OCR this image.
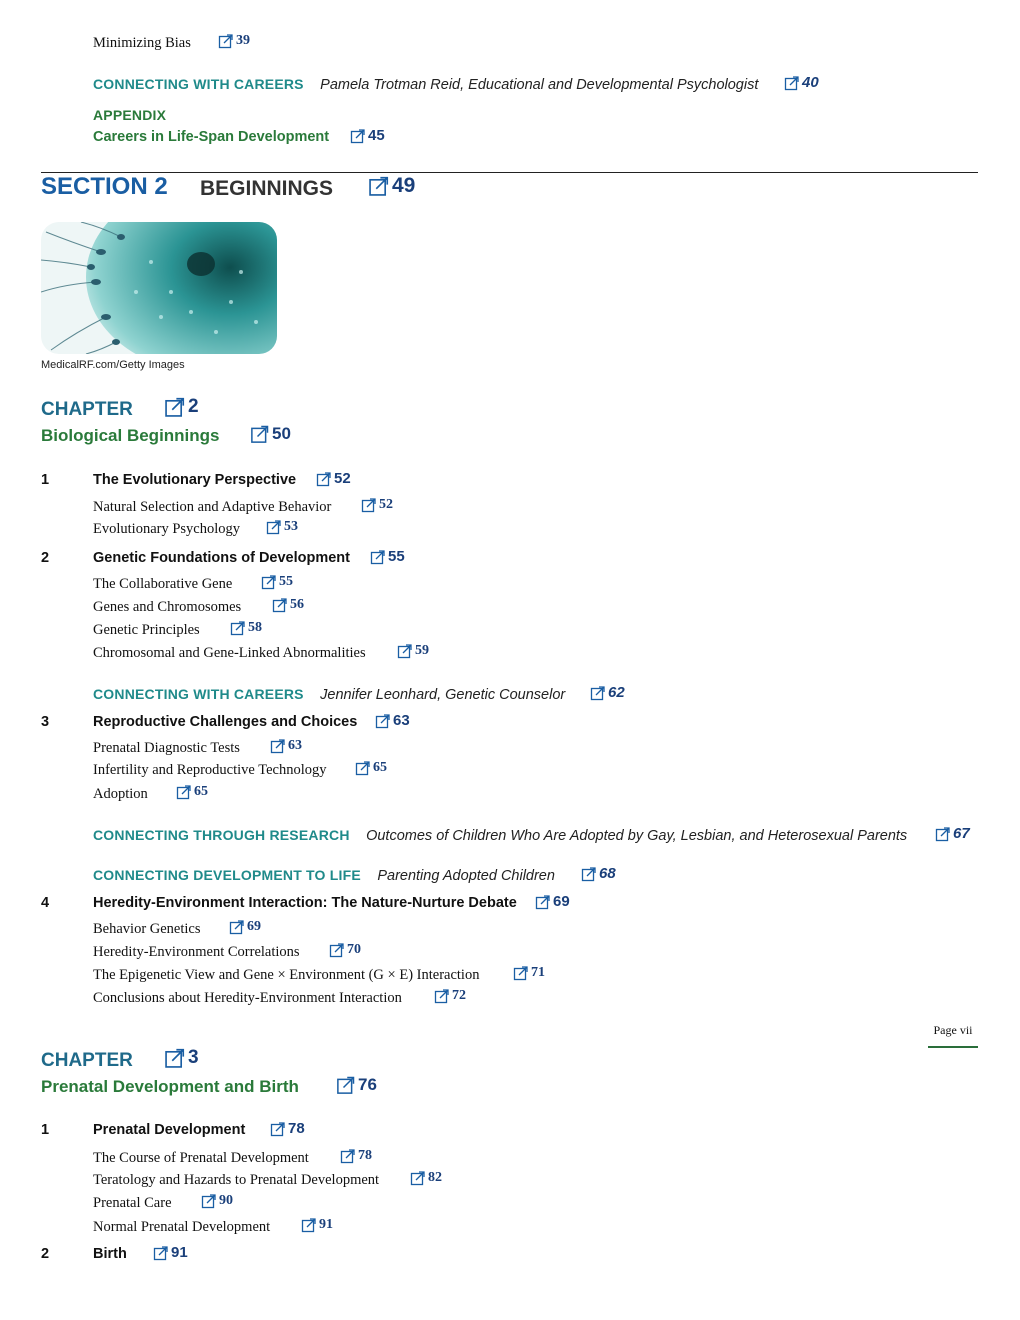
Minimizing Bias	39
CONNECTING WITH CAREERS Pamela Trotman Reid, Educational and Developmental Psychologist	40
APPENDIX
Careers in Life-Span Development	45
SECTION 2 BEGINNINGS	49
MedicalRF.com/Getty Images
CHAPTER	2
Biological Beginnings	50
1	The Evolutionary Perspective	52
Natural Selection and Adaptive Behavior	52
Evolutionary Psychology	53
2	Genetic Foundations of Development	55
The Collaborative Gene	55
Genes and Chromosomes	56
Genetic Principles	58
Chromosomal and Gene-Linked Abnormalities	59
CONNECTING WITH CAREERS Jennifer Leonhard, Genetic Counselor	62
3	Reproductive Challenges and Choices 63
Prenatal Diagnostic Tests	63
Infertility and Reproductive Technology	65
Adoption	65
CONNECTING THROUGH RESEARCH Outcomes of Children Who Are Adopted by Gay, Lesbian, and Heterosexual Parents	67
CONNECTING DEVELOPMENT TO LIFE Parenting Adopted Children	68
4	Heredity-Environment Interaction: The Nature-Nurture Debate 69
Behavior Genetics	69
Heredity-Environment Correlations	70
The Epigenetic View and Gene × Environment (G × E) Interaction	71
Conclusions about Heredity-Environment Interaction	72
Page vii
CHAPTER	3
Prenatal Development and Birth	76
1	Prenatal Development	78
The Course of Prenatal Development	78
Teratology and Hazards to Prenatal Development	82
Prenatal Care	90
Normal Prenatal Development	91
2	Birth	91
